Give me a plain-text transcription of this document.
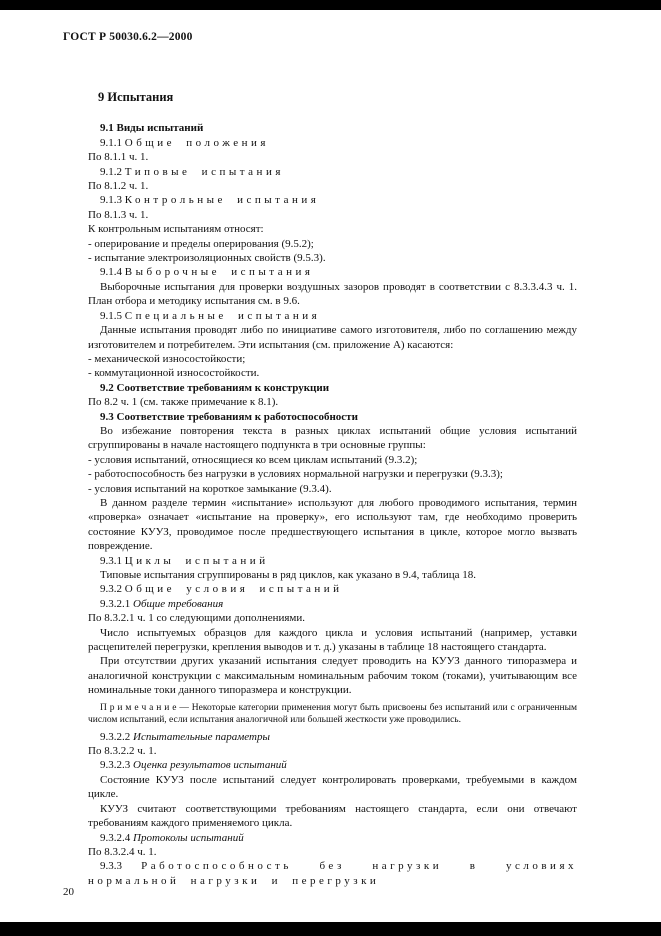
ГОСТ Р 50030.6.2—2000

9 Испытания

9.1 Виды испытаний

9.1.1 Общие положения

По 8.1.1 ч. 1.

9.1.2 Типовые испытания

По 8.1.2 ч. 1.

9.1.3 Контрольные испытания

По 8.1.3 ч. 1.

К контрольным испытаниям относят:

- оперирование и пределы оперирования (9.5.2);

- испытание электроизоляционных свойств (9.5.3).

9.1.4 Выборочные испытания

Выборочные испытания для проверки воздушных зазоров проводят в соответствии с 8.3.3.4.3 ч. 1. План отбора и методику испытания см. в 9.6.

9.1.5 Специальные испытания

Данные испытания проводят либо по инициативе самого изготовителя, либо по соглашению между изготовителем и потребителем. Эти испытания (см. приложение А) касаются:

- механической износостойкости;

- коммутационной износостойкости.

9.2 Соответствие требованиям к конструкции

По 8.2 ч. 1 (см. также примечание к 8.1).

9.3 Соответствие требованиям к работоспособности

Во избежание повторения текста в разных циклах испытаний общие условия испытаний сгруппированы в начале настоящего подпункта в три основные группы:

- условия испытаний, относящиеся ко всем циклам испытаний (9.3.2);

- работоспособность без нагрузки в условиях нормальной нагрузки и перегрузки (9.3.3);

- условия испытаний на короткое замыкание (9.3.4).

В данном разделе термин «испытание» используют для любого проводимого испытания, термин «проверка» означает «испытание на проверку», его используют там, где необходимо проверить состояние КУУЗ, проводимое после предшествующего испытания в цикле, которое могло вызвать повреждение.

9.3.1 Циклы испытаний

Типовые испытания сгруппированы в ряд циклов, как указано в 9.4, таблица 18.

9.3.2 Общие условия испытаний

9.3.2.1 Общие требования

По 8.3.2.1 ч. 1 со следующими дополнениями.

Число испытуемых образцов для каждого цикла и условия испытаний (например, уставки расцепителей перегрузки, крепления выводов и т. д.) указаны в таблице 18 настоящего стандарта.

При отсутствии других указаний испытания следует проводить на КУУЗ данного типоразмера и аналогичной конструкции с максимальным номинальным рабочим током (токами), учитывающим все номинальные токи данного типоразмера и конструкции.

П р и м е ч а н и е — Некоторые категории применения могут быть присвоены без испытаний или с ограниченным числом испытаний, если испытания аналогичной или большей жесткости уже проводились.

9.3.2.2 Испытательные параметры

По 8.3.2.2 ч. 1.

9.3.2.3 Оценка результатов испытаний

Состояние КУУЗ после испытаний следует контролировать проверками, требуемыми в каждом цикле.

КУУЗ считают соответствующими требованиям настоящего стандарта, если они отвечают требованиям каждого применяемого цикла.

9.3.2.4 Протоколы испытаний

По 8.3.2.4 ч. 1.

9.3.3 Работоспособность без нагрузки в условиях нормальной нагрузки и перегрузки

20
